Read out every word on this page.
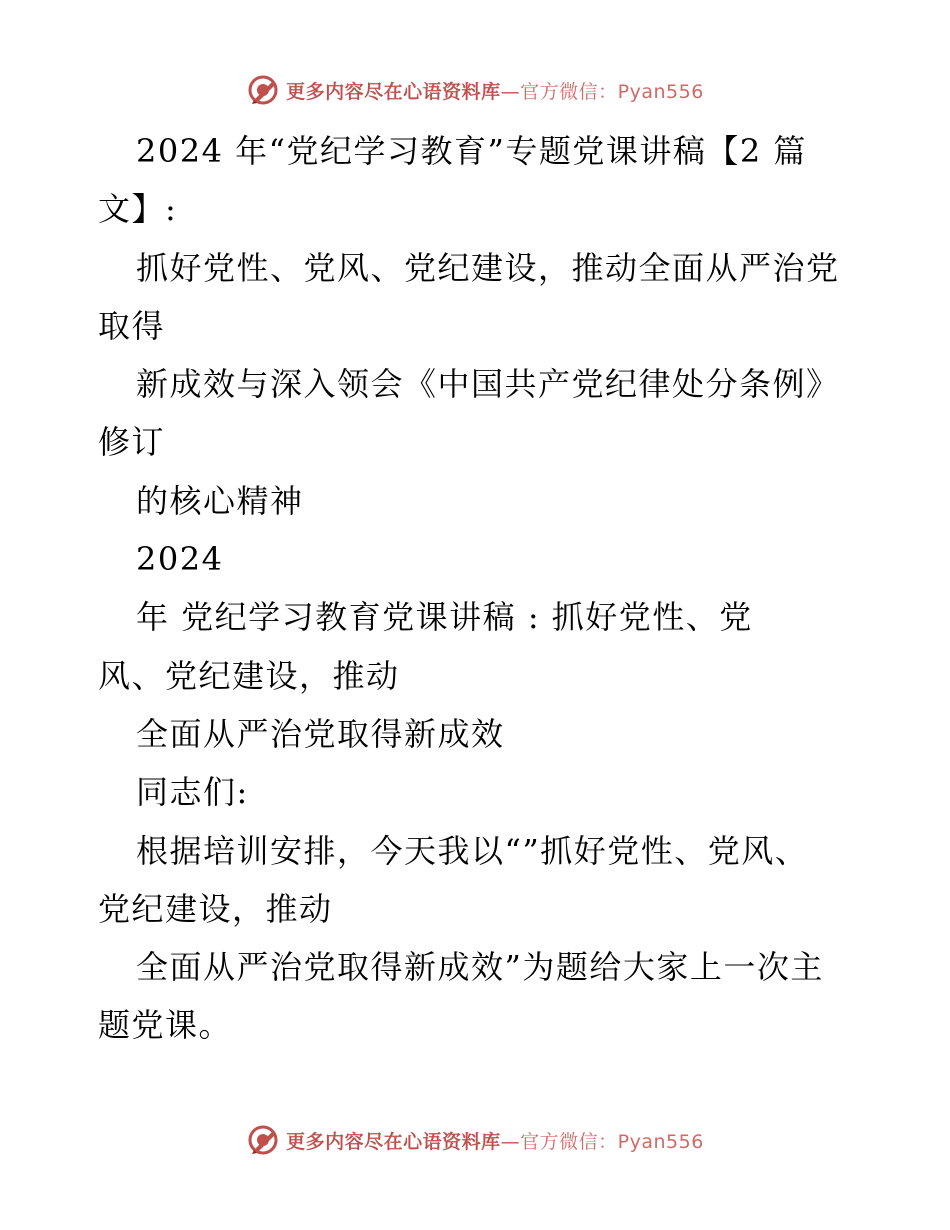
更多内容尽在心语资料库—官方微信：Pyan556
2024 年“党纪学习教育”专题党课讲稿【2 篇
文】:
抓好党性、党风、党纪建设，推动全面从严治党
取得
新成效与深入领会《中国共产党纪律处分条例》
修订
的核心精神
2024
年 党纪学习教育党课讲稿 : 抓好党性、党
风、党纪建设，推动
全面从严治党取得新成效
同志们:
根据培训安排，今天我以“”抓好党性、党风、
党纪建设，推动
全面从严治党取得新成效”为题给大家上一次主
题党课。
更多内容尽在心语资料库—官方微信：Pyan556
